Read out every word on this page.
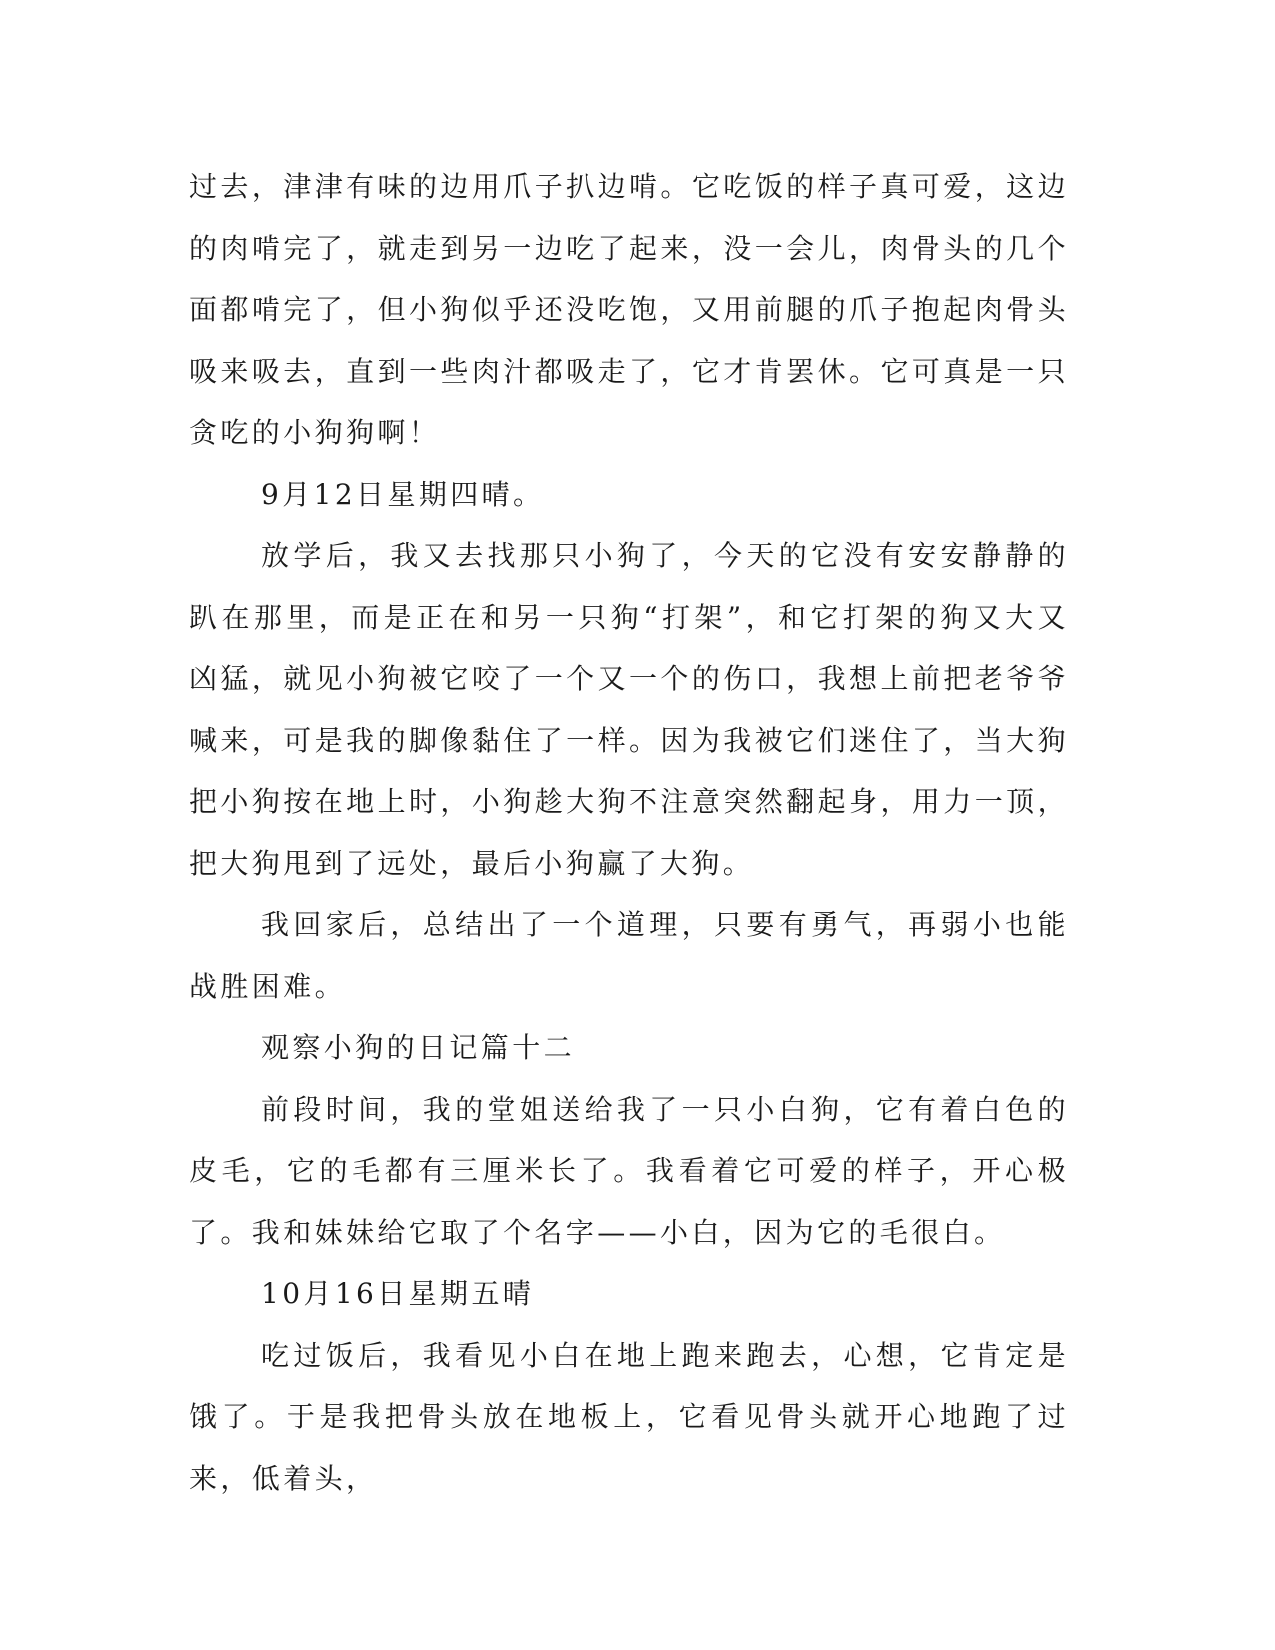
过去，津津有味的边用爪子扒边啃。它吃饭的样子真可爱，这边的肉啃完了，就走到另一边吃了起来，没一会儿，肉骨头的几个面都啃完了，但小狗似乎还没吃饱，又用前腿的爪子抱起肉骨头吸来吸去，直到一些肉汁都吸走了，它才肯罢休。它可真是一只贪吃的小狗狗啊！

9月12日星期四晴。

放学后，我又去找那只小狗了，今天的它没有安安静静的趴在那里，而是正在和另一只狗“打架”，和它打架的狗又大又凶猛，就见小狗被它咬了一个又一个的伤口，我想上前把老爷爷喊来，可是我的脚像黏住了一样。因为我被它们迷住了，当大狗把小狗按在地上时，小狗趁大狗不注意突然翻起身，用力一顶，把大狗甩到了远处，最后小狗赢了大狗。

我回家后，总结出了一个道理，只要有勇气，再弱小也能战胜困难。

观察小狗的日记篇十二

前段时间，我的堂姐送给我了一只小白狗，它有着白色的皮毛，它的毛都有三厘米长了。我看着它可爱的样子，开心极了。我和妹妹给它取了个名字——小白，因为它的毛很白。

10月16日星期五晴

吃过饭后，我看见小白在地上跑来跑去，心想，它肯定是饿了。于是我把骨头放在地板上，它看见骨头就开心地跑了过来，低着头，
